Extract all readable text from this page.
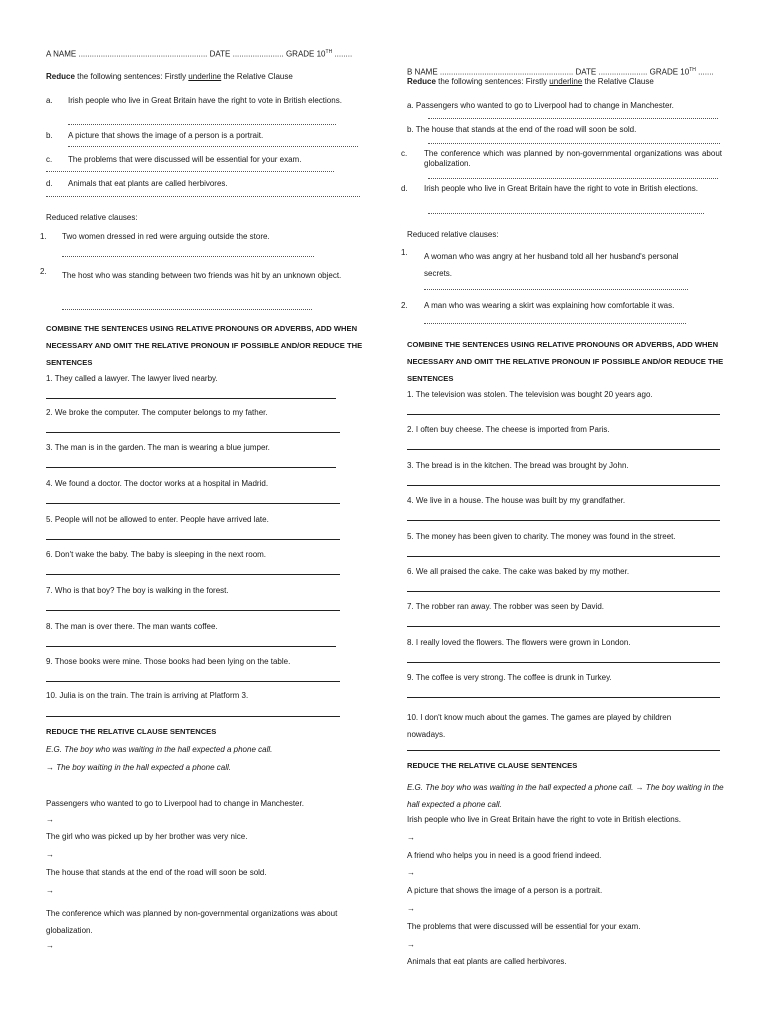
A NAME .......................................................... DATE ....................... GRADE 10TH ........
Reduce the following sentences: Firstly underline the Relative Clause
a. Irish people who live in Great Britain have the right to vote in British elections.
b. A picture that shows the image of a person is a portrait.
c. The problems that were discussed will be essential for your exam.
d. Animals that eat plants are called herbivores.
Reduced relative clauses:
1. Two women dressed in red were arguing outside the store.
2. The host who was standing between two friends was hit by an unknown object.
COMBINE THE SENTENCES USING RELATIVE PRONOUNS OR ADVERBS, ADD WHEN NECESSARY AND OMIT THE RELATIVE PRONOUN IF POSSIBLE AND/OR REDUCE THE SENTENCES
1. They called a lawyer. The lawyer lived nearby.
2. We broke the computer. The computer belongs to my father.
3. The man is in the garden. The man is wearing a blue jumper.
4. We found a doctor. The doctor works at a hospital in Madrid.
5. People will not be allowed to enter. People have arrived late.
6. Don't wake the baby. The baby is sleeping in the next room.
7. Who is that boy? The boy is walking in the forest.
8. The man is over there. The man wants coffee.
9. Those books were mine. Those books had been lying on the table.
10. Julia is on the train. The train is arriving at Platform 3.
REDUCE THE RELATIVE CLAUSE SENTENCES
E.G. The boy who was waiting in the hall expected a phone call.
→ The boy waiting in the hall expected a phone call.
Passengers who wanted to go to Liverpool had to change in Manchester.
→
The girl who was picked up by her brother was very nice.
→
The house that stands at the end of the road will soon be sold.
→
The conference which was planned by non-governmental organizations was about globalization.
→
B NAME ............................................................ DATE ...................... GRADE 10TH .......
Reduce the following sentences: Firstly underline the Relative Clause
a. Passengers who wanted to go to Liverpool had to change in Manchester.
b. The house that stands at the end of the road will soon be sold.
c. The conference which was planned by non-governmental organizations was about globalization.
d. Irish people who live in Great Britain have the right to vote in British elections.
Reduced relative clauses:
1. A woman who was angry at her husband told all her husband's personal secrets.
2. A man who was wearing a skirt was explaining how comfortable it was.
COMBINE THE SENTENCES USING RELATIVE PRONOUNS OR ADVERBS, ADD WHEN NECESSARY AND OMIT THE RELATIVE PRONOUN IF POSSIBLE AND/OR REDUCE THE SENTENCES
1. The television was stolen. The television was bought 20 years ago.
2. I often buy cheese. The cheese is imported from Paris.
3. The bread is in the kitchen. The bread was brought by John.
4. We live in a house. The house was built by my grandfather.
5. The money has been given to charity. The money was found in the street.
6. We all praised the cake. The cake was baked by my mother.
7. The robber ran away. The robber was seen by David.
8. I really loved the flowers. The flowers were grown in London.
9. The coffee is very strong. The coffee is drunk in Turkey.
10. I don't know much about the games. The games are played by children nowadays.
REDUCE THE RELATIVE CLAUSE SENTENCES
E.G. The boy who was waiting in the hall expected a phone call. → The boy waiting in the hall expected a phone call.
Irish people who live in Great Britain have the right to vote in British elections.
→
A friend who helps you in need is a good friend indeed.
→
A picture that shows the image of a person is a portrait.
→
The problems that were discussed will be essential for your exam.
→
Animals that eat plants are called herbivores.
